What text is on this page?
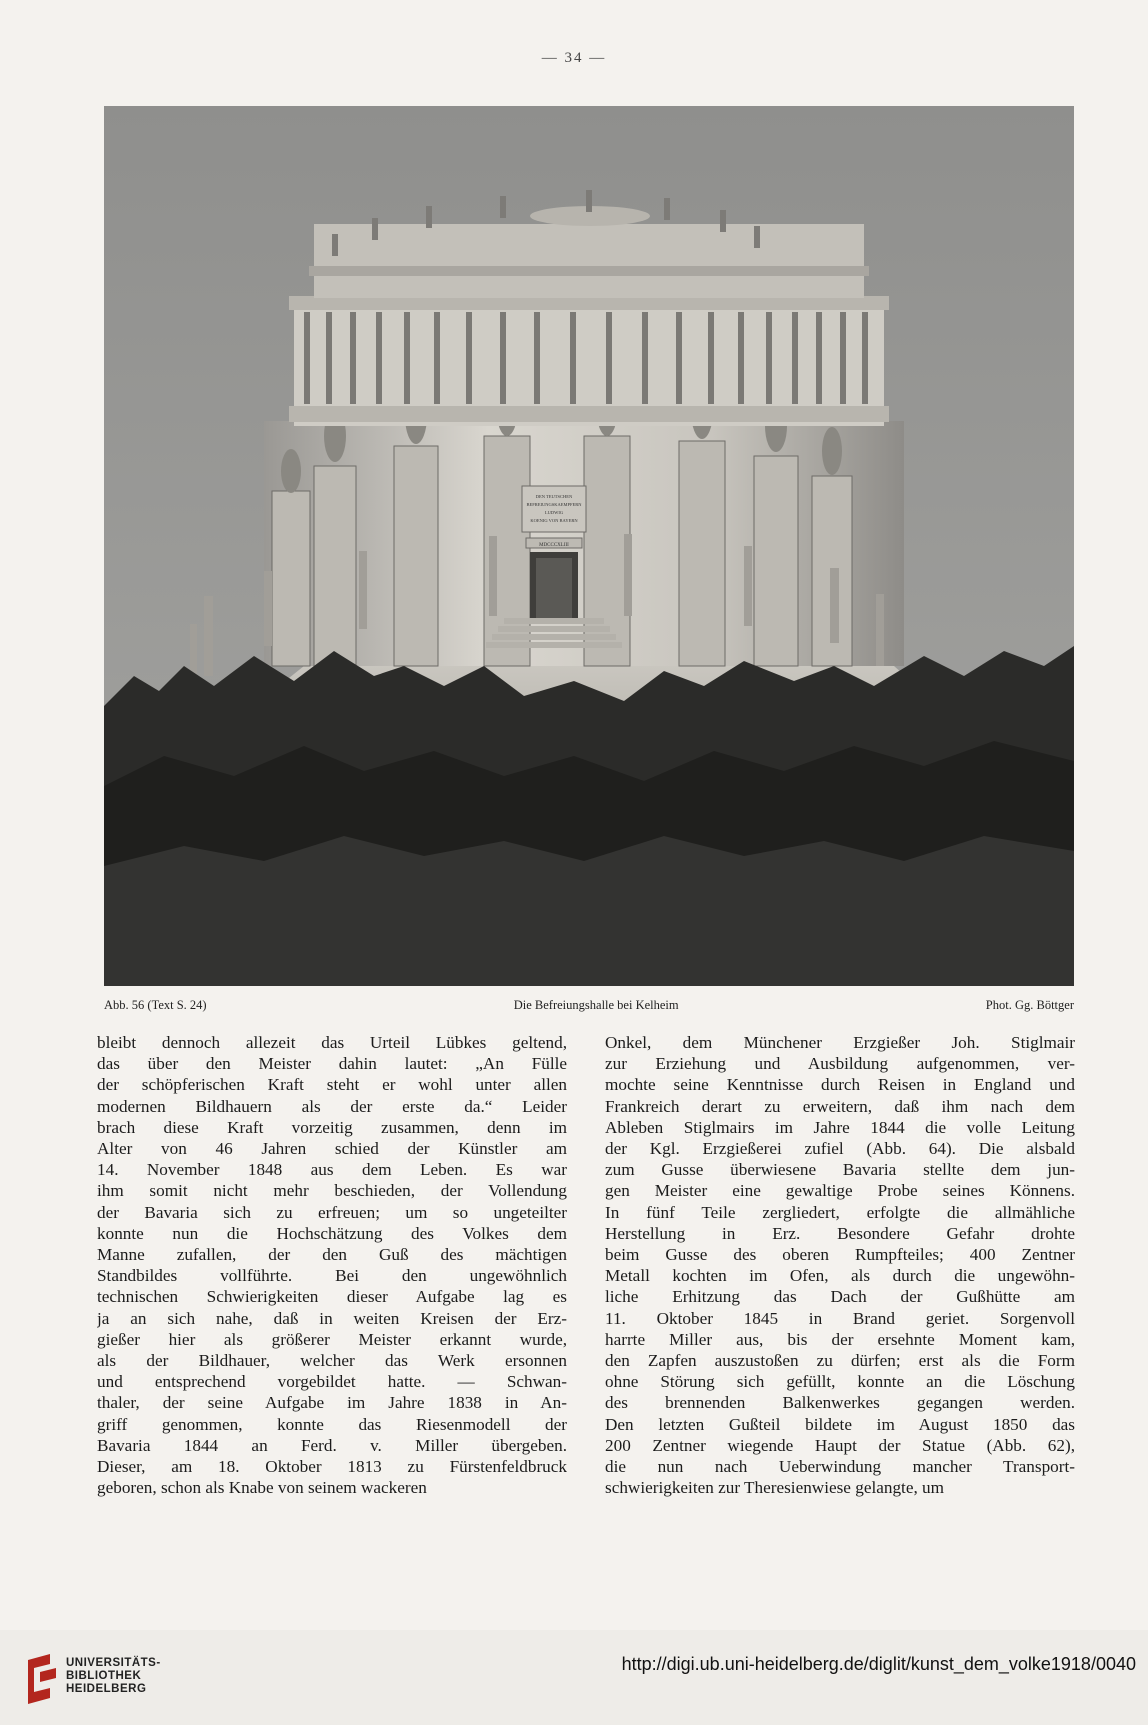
— 34 —
DEN TEUTSCHEN
BEFREIUNGSKAEMPFERN
LUDWIG
KOENIG VON BAYERN
MDCCCXLIII
Abb. 56 (Text S. 24)	Die Befreiungshalle bei Kelheim	Phot. Gg. Böttger
bleibt dennoch allezeit das Urteil Lübkes geltend,
das über den Meister dahin lautet: „An Fülle
der schöpferischen Kraft steht er wohl unter allen
modernen Bildhauern als der erste da.“ Leider
brach diese Kraft vorzeitig zusammen, denn im
Alter von 46 Jahren schied der Künstler am
14. November 1848 aus dem Leben. Es war
ihm somit nicht mehr beschieden, der Vollendung
der Bavaria sich zu erfreuen; um so ungeteilter
konnte nun die Hochschätzung des Volkes dem
Manne zufallen, der den Guß des mächtigen
Standbildes vollführte. Bei den ungewöhnlich
technischen Schwierigkeiten dieser Aufgabe lag es
ja an sich nahe, daß in weiten Kreisen der Erz-
gießer hier als größerer Meister erkannt wurde,
als der Bildhauer, welcher das Werk ersonnen
und entsprechend vorgebildet hatte. — Schwan-
thaler, der seine Aufgabe im Jahre 1838 in An-
griff genommen, konnte das Riesenmodell der
Bavaria 1844 an Ferd. v. Miller übergeben.
Dieser, am 18. Oktober 1813 zu Fürstenfeldbruck
geboren, schon als Knabe von seinem wackeren
Onkel, dem Münchener Erzgießer Joh. Stiglmair
zur Erziehung und Ausbildung aufgenommen, ver-
mochte seine Kenntnisse durch Reisen in England und
Frankreich derart zu erweitern, daß ihm nach dem
Ableben Stiglmairs im Jahre 1844 die volle Leitung
der Kgl. Erzgießerei zufiel (Abb. 64). Die alsbald
zum Gusse überwiesene Bavaria stellte dem jun-
gen Meister eine gewaltige Probe seines Könnens.
In fünf Teile zergliedert, erfolgte die allmähliche
Herstellung in Erz. Besondere Gefahr drohte
beim Gusse des oberen Rumpfteiles; 400 Zentner
Metall kochten im Ofen, als durch die ungewöhn-
liche Erhitzung das Dach der Gußhütte am
11. Oktober 1845 in Brand geriet. Sorgenvoll
harrte Miller aus, bis der ersehnte Moment kam,
den Zapfen auszustoßen zu dürfen; erst als die Form
ohne Störung sich gefüllt, konnte an die Löschung
des brennenden Balkenwerkes gegangen werden.
Den letzten Gußteil bildete im August 1850 das
200 Zentner wiegende Haupt der Statue (Abb. 62),
die nun nach Ueberwindung mancher Transport-
schwierigkeiten zur Theresienwiese gelangte, um
UNIVERSITÄTS-
BIBLIOTHEK
HEIDELBERG
http://digi.ub.uni-heidelberg.de/diglit/kunst_dem_volke1918/0040
